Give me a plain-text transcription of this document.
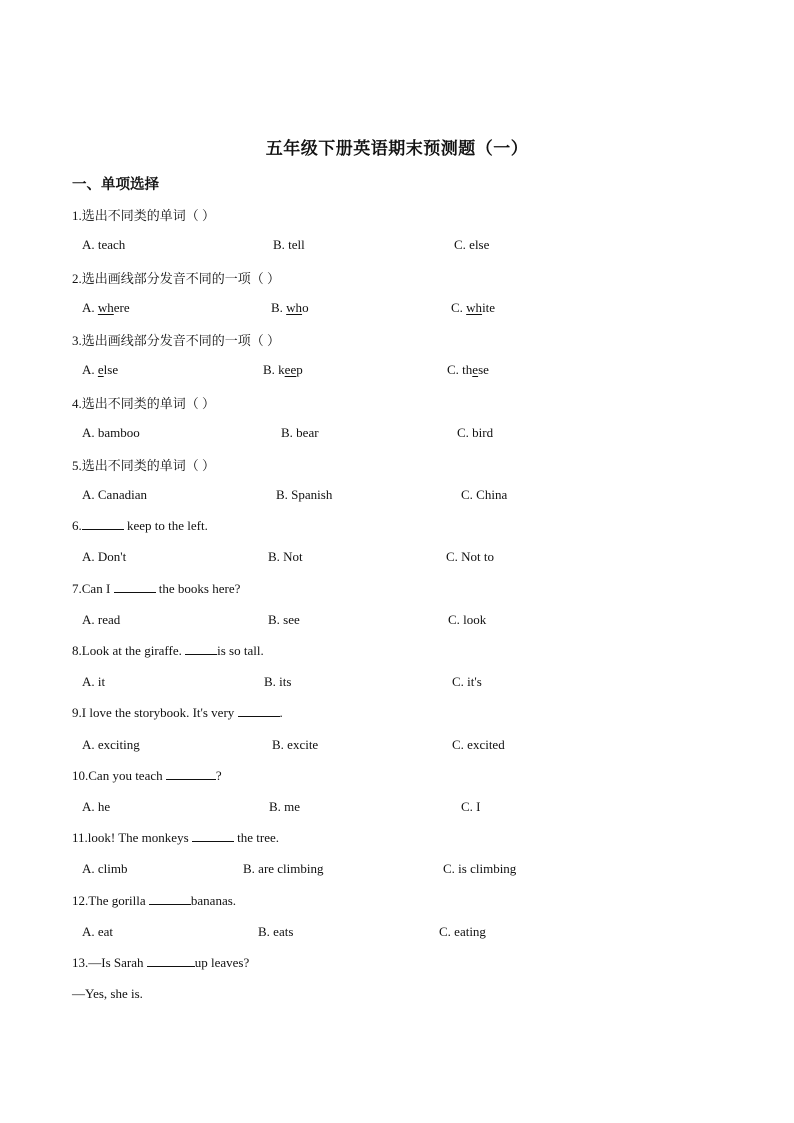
五年级下册英语期末预测题（一）
一、单项选择
1.选出不同类的单词（ ）
A. teach	B. tell	C. else
2.选出画线部分发音不同的一项（ ）
A. where	B. who	C. white
3.选出画线部分发音不同的一项（ ）
A. else	B. keep	C. these
4.选出不同类的单词（ ）
A. bamboo	B. bear	C. bird
5.选出不同类的单词（ ）
A. Canadian	B. Spanish	C. China
6.	keep to the left.
A. Don't	B. Not	C. Not to
7.Can I	the books here?
A. read	B. see	C. look
8.Look at the giraffe. is so tall.
A. it	B. its	C. it's
9.I love the storybook. It's very	.
A. exciting	B. excite	C. excited
10.Can you teach	?
A. he	B. me	C. I
11.look! The monkeys	the tree.
A. climb	B. are climbing	C. is climbing
12.The gorilla	bananas.
A. eat	B. eats	C. eating
13.—Is Sarah	up leaves?
—Yes, she is.
